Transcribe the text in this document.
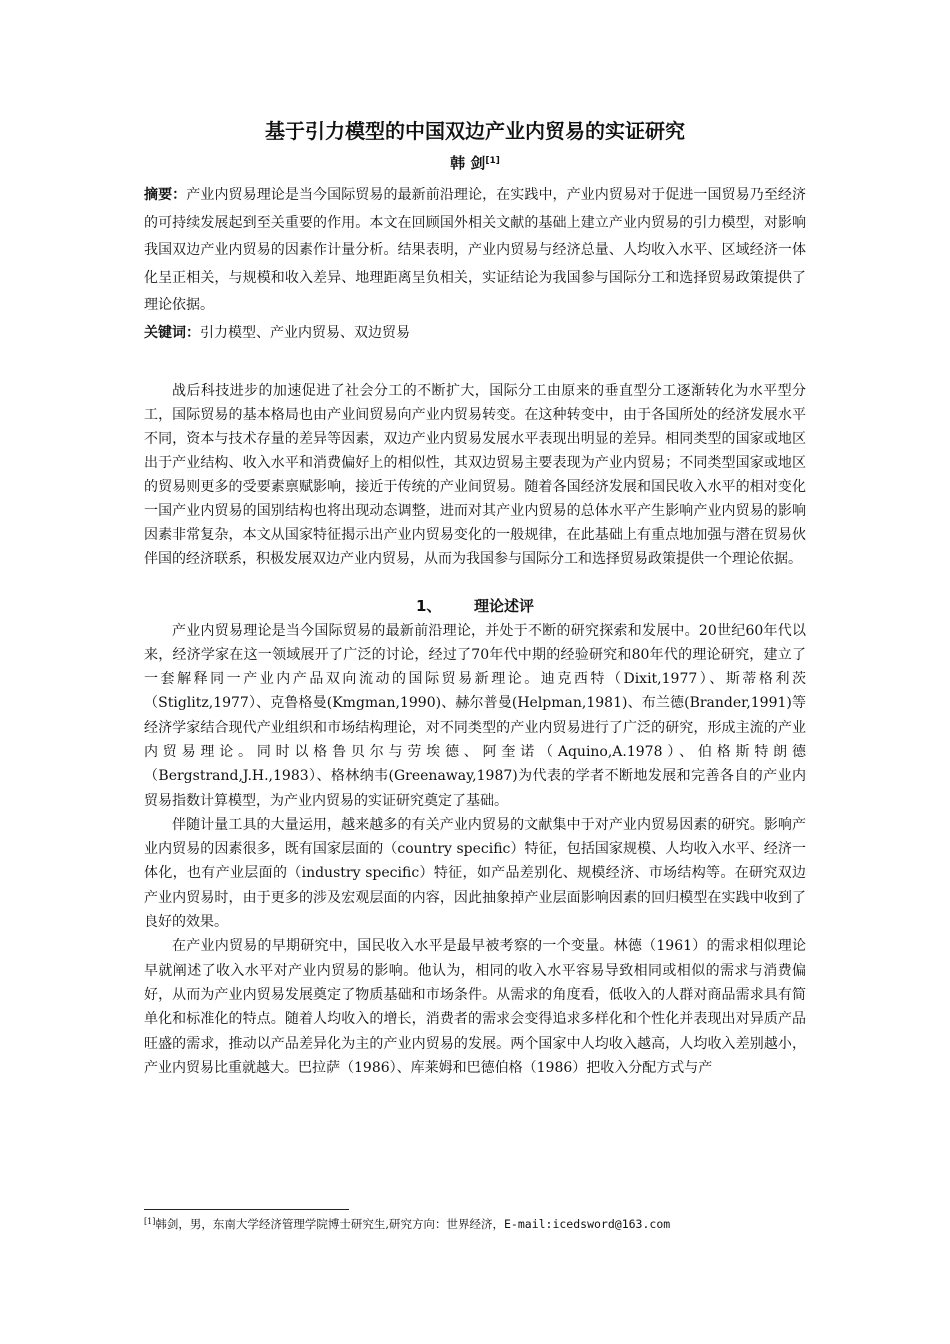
基于引力模型的中国双边产业内贸易的实证研究
韩 剑[1]
摘要：产业内贸易理论是当今国际贸易的最新前沿理论，在实践中，产业内贸易对于促进一国贸易乃至经济的可持续发展起到至关重要的作用。本文在回顾国外相关文献的基础上建立产业内贸易的引力模型，对影响我国双边产业内贸易的因素作计量分析。结果表明，产业内贸易与经济总量、人均收入水平、区域经济一体化呈正相关，与规模和收入差异、地理距离呈负相关，实证结论为我国参与国际分工和选择贸易政策提供了理论依据。
关键词：引力模型、产业内贸易、双边贸易

战后科技进步的加速促进了社会分工的不断扩大，国际分工由原来的垂直型分工逐渐转化为水平型分工，国际贸易的基本格局也由产业间贸易向产业内贸易转变。在这种转变中，由于各国所处的经济发展水平不同，资本与技术存量的差异等因素，双边产业内贸易发展水平表现出明显的差异。相同类型的国家或地区出于产业结构、收入水平和消费偏好上的相似性，其双边贸易主要表现为产业内贸易；不同类型国家或地区的贸易则更多的受要素禀赋影响，接近于传统的产业间贸易。随着各国经济发展和国民收入水平的相对变化一国产业内贸易的国别结构也将出现动态调整，进而对其产业内贸易的总体水平产生影响产业内贸易的影响因素非常复杂，本文从国家特征揭示出产业内贸易变化的一般规律，在此基础上有重点地加强与潜在贸易伙伴国的经济联系，积极发展双边产业内贸易，从而为我国参与国际分工和选择贸易政策提供一个理论依据。

1、 理论述评

产业内贸易理论是当今国际贸易的最新前沿理论，并处于不断的研究探索和发展中。20世纪60年代以来，经济学家在这一领域展开了广泛的讨论，经过了70年代中期的经验研究和80年代的理论研究，建立了一套解释同一产业内产品双向流动的国际贸易新理论。迪克西特（Dixit,1977）、斯蒂格利茨（Stiglitz,1977）、克鲁格曼(Kmgman,1990)、赫尔普曼(Helpman,1981)、布兰德(Brander,1991)等经济学家结合现代产业组织和市场结构理论，对不同类型的产业内贸易进行了广泛的研究，形成主流的产业内贸易理论。同时以格鲁贝尔与劳埃德、阿奎诺（Aquino,A.1978）、伯格斯特朗德（Bergstrand,J.H.,1983）、格林纳韦(Greenaway,1987)为代表的学者不断地发展和完善各自的产业内贸易指数计算模型，为产业内贸易的实证研究奠定了基础。

伴随计量工具的大量运用，越来越多的有关产业内贸易的文献集中于对产业内贸易因素的研究。影响产业内贸易的因素很多，既有国家层面的（country specific）特征，包括国家规模、人均收入水平、经济一体化，也有产业层面的（industry specific）特征，如产品差别化、规模经济、市场结构等。在研究双边产业内贸易时，由于更多的涉及宏观层面的内容，因此抽象掉产业层面影响因素的回归模型在实践中收到了良好的效果。

在产业内贸易的早期研究中，国民收入水平是最早被考察的一个变量。林德（1961）的需求相似理论早就阐述了收入水平对产业内贸易的影响。他认为，相同的收入水平容易导致相同或相似的需求与消费偏好，从而为产业内贸易发展奠定了物质基础和市场条件。从需求的角度看，低收入的人群对商品需求具有简单化和标准化的特点。随着人均收入的增长，消费者的需求会变得追求多样化和个性化并表现出对异质产品旺盛的需求，推动以产品差异化为主的产业内贸易的发展。两个国家中人均收入越高，人均收入差别越小，产业内贸易比重就越大。巴拉萨（1986）、库莱姆和巴德伯格（1986）把收入分配方式与产

[1]韩剑，男，东南大学经济管理学院博士研究生,研究方向：世界经济，E-mail:icedsword@163.com
